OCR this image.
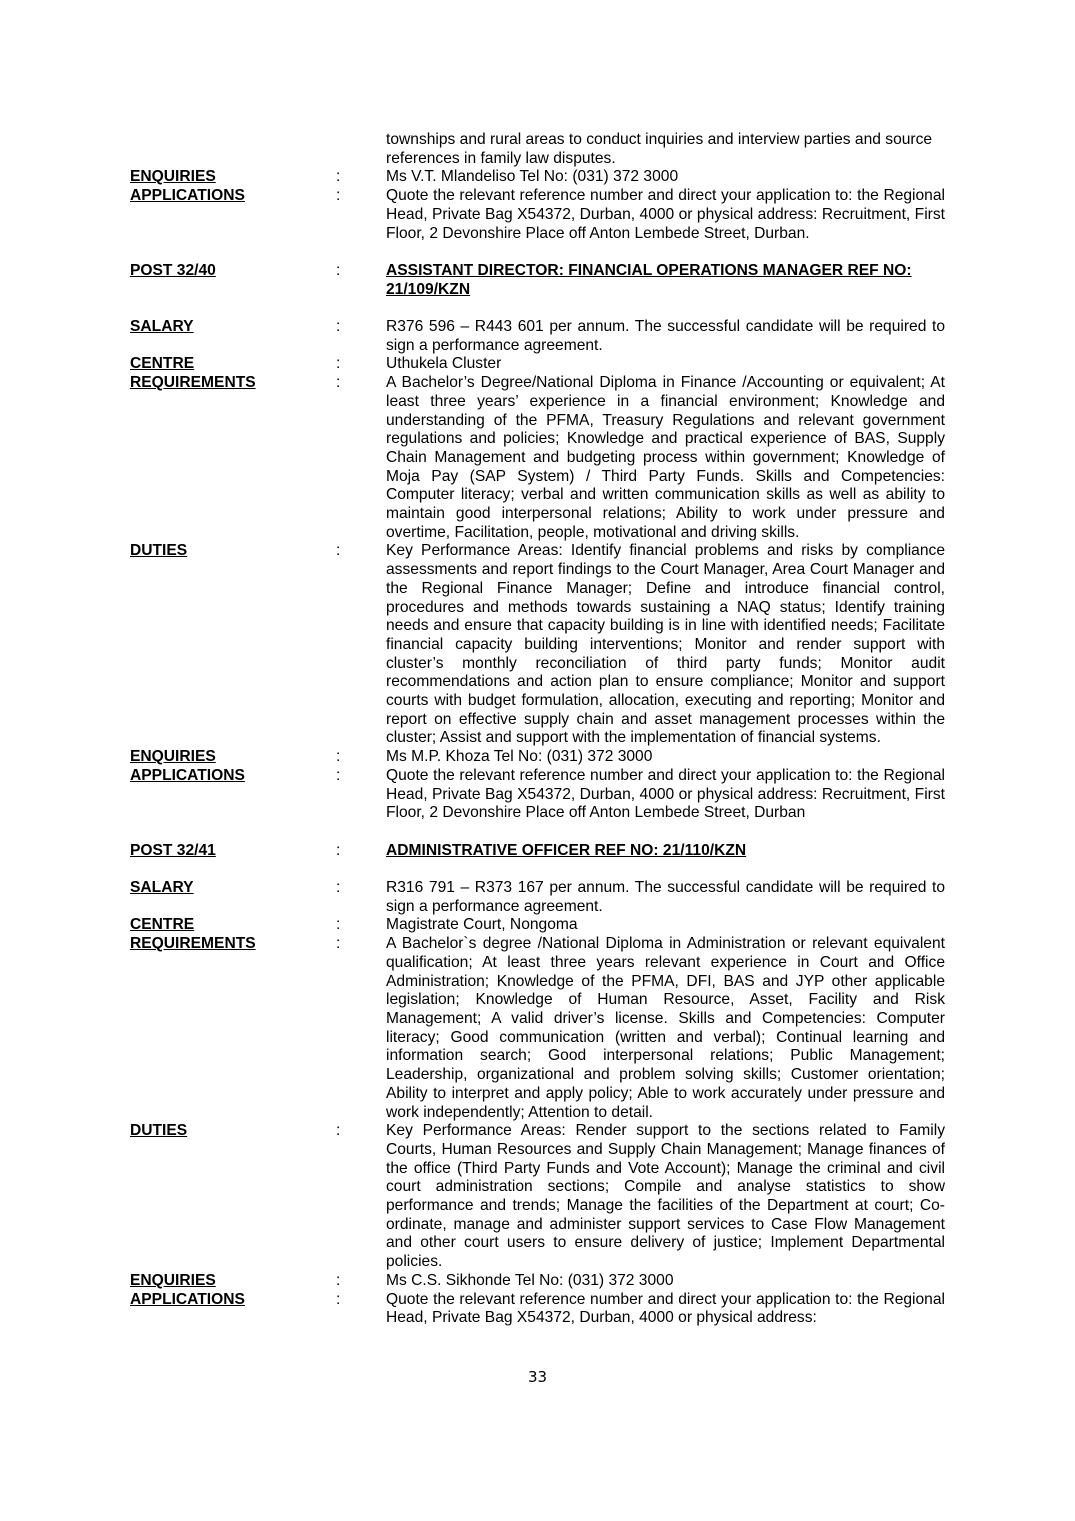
townships and rural areas to conduct inquiries and interview parties and source references in family law disputes.
ENQUIRIES	:	Ms V.T. Mlandeliso Tel No: (031) 372 3000
APPLICATIONS	:	Quote the relevant reference number and direct your application to: the Regional Head, Private Bag X54372, Durban, 4000 or physical address: Recruitment, First Floor, 2 Devonshire Place off Anton Lembede Street, Durban.
POST 32/40	:	ASSISTANT DIRECTOR: FINANCIAL OPERATIONS MANAGER REF NO: 21/109/KZN
SALARY	:	R376 596 – R443 601 per annum. The successful candidate will be required to sign a performance agreement.
CENTRE	:	Uthukela Cluster
REQUIREMENTS	:	A Bachelor’s Degree/National Diploma in Finance /Accounting or equivalent; At least three years’ experience in a financial environment; Knowledge and understanding of the PFMA, Treasury Regulations and relevant government regulations and policies; Knowledge and practical experience of BAS, Supply Chain Management and budgeting process within government; Knowledge of Moja Pay (SAP System) / Third Party Funds. Skills and Competencies: Computer literacy; verbal and written communication skills as well as ability to maintain good interpersonal relations; Ability to work under pressure and overtime, Facilitation, people, motivational and driving skills.
DUTIES	:	Key Performance Areas: Identify financial problems and risks by compliance assessments and report findings to the Court Manager, Area Court Manager and the Regional Finance Manager; Define and introduce financial control, procedures and methods towards sustaining a NAQ status; Identify training needs and ensure that capacity building is in line with identified needs; Facilitate financial capacity building interventions; Monitor and render support with cluster’s monthly reconciliation of third party funds; Monitor audit recommendations and action plan to ensure compliance; Monitor and support courts with budget formulation, allocation, executing and reporting; Monitor and report on effective supply chain and asset management processes within the cluster; Assist and support with the implementation of financial systems.
ENQUIRIES	:	Ms M.P. Khoza Tel No: (031) 372 3000
APPLICATIONS	:	Quote the relevant reference number and direct your application to: the Regional Head, Private Bag X54372, Durban, 4000 or physical address: Recruitment, First Floor, 2 Devonshire Place off Anton Lembede Street, Durban
POST 32/41	:	ADMINISTRATIVE OFFICER REF NO: 21/110/KZN
SALARY	:	R316 791 – R373 167 per annum. The successful candidate will be required to sign a performance agreement.
CENTRE	:	Magistrate Court, Nongoma
REQUIREMENTS	:	A Bachelor`s degree /National Diploma in Administration or relevant equivalent qualification; At least three years relevant experience in Court and Office Administration; Knowledge of the PFMA, DFI, BAS and JYP other applicable legislation; Knowledge of Human Resource, Asset, Facility and Risk Management; A valid driver’s license. Skills and Competencies: Computer literacy; Good communication (written and verbal); Continual learning and information search; Good interpersonal relations; Public Management; Leadership, organizational and problem solving skills; Customer orientation; Ability to interpret and apply policy; Able to work accurately under pressure and work independently; Attention to detail.
DUTIES	:	Key Performance Areas: Render support to the sections related to Family Courts, Human Resources and Supply Chain Management; Manage finances of the office (Third Party Funds and Vote Account); Manage the criminal and civil court administration sections; Compile and analyse statistics to show performance and trends; Manage the facilities of the Department at court; Co-ordinate, manage and administer support services to Case Flow Management and other court users to ensure delivery of justice; Implement Departmental policies.
ENQUIRIES	:	Ms C.S. Sikhonde Tel No: (031) 372 3000
APPLICATIONS	:	Quote the relevant reference number and direct your application to: the Regional Head, Private Bag X54372, Durban, 4000 or physical address:
33
